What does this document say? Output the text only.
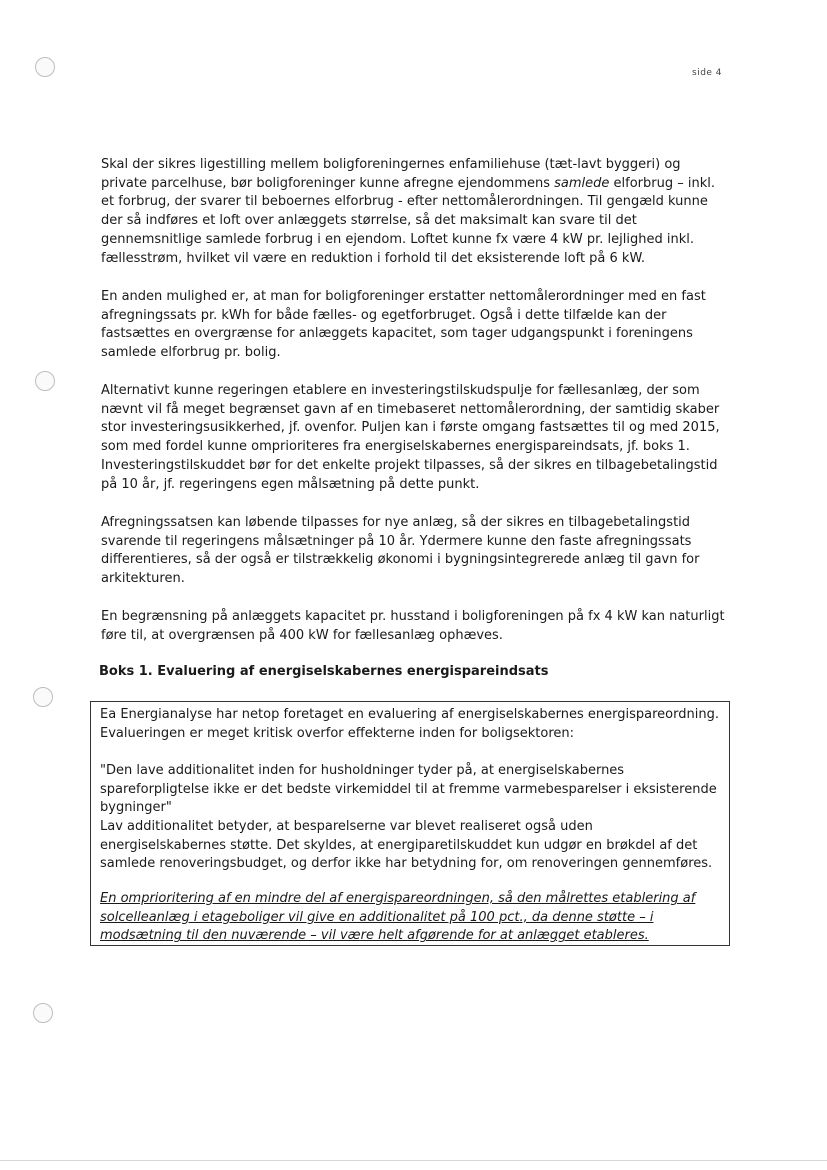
side 4

Skal der sikres ligestilling mellem boligforeningernes enfamiliehuse (tæt-lavt byggeri) og private parcelhuse, bør boligforeninger kunne afregne ejendommens samlede elforbrug – inkl. et forbrug, der svarer til beboernes elforbrug - efter nettomålerordningen. Til gengæld kunne der så indføres et loft over anlæggets størrelse, så det maksimalt kan svare til det gennemsnitlige samlede forbrug i en ejendom. Loftet kunne fx være 4 kW pr. lejlighed inkl. fællesstrøm, hvilket vil være en reduktion i forhold til det eksisterende loft på 6 kW.

En anden mulighed er, at man for boligforeninger erstatter nettomålerordninger med en fast afregningssats pr. kWh for både fælles- og egetforbruget. Også i dette tilfælde kan der fastsættes en overgrænse for anlæggets kapacitet, som tager udgangspunkt i foreningens samlede elforbrug pr. bolig.

Alternativt kunne regeringen etablere en investeringstilskudspulje for fællesanlæg, der som nævnt vil få meget begrænset gavn af en timebaseret nettomålerordning, der samtidig skaber stor investeringsusikkerhed, jf. ovenfor. Puljen kan i første omgang fastsættes til og med 2015, som med fordel kunne omprioriteres fra energiselskabernes energispareindsats, jf. boks 1. Investeringstilskuddet bør for det enkelte projekt tilpasses, så der sikres en tilbagebetalingstid på 10 år, jf. regeringens egen målsætning på dette punkt.

Afregningssatsen kan løbende tilpasses for nye anlæg, så der sikres en tilbagebetalingstid svarende til regeringens målsætninger på 10 år. Ydermere kunne den faste afregningssats differentieres, så der også er tilstrækkelig økonomi i bygningsintegrerede anlæg til gavn for arkitekturen.

En begrænsning på anlæggets kapacitet pr. husstand i boligforeningen på fx 4 kW kan naturligt føre til, at overgrænsen på 400 kW for fællesanlæg ophæves.

Boks 1. Evaluering af energiselskabernes energispareindsats

Ea Energianalyse har netop foretaget en evaluering af energiselskabernes energispareordning. Evalueringen er meget kritisk overfor effekterne inden for boligsektoren:

"Den lave additionalitet inden for husholdninger tyder på, at energiselskabernes spareforpligtelse ikke er det bedste virkemiddel til at fremme varmebesparelser i eksisterende bygninger"

Lav additionalitet betyder, at besparelserne var blevet realiseret også uden energiselskabernes støtte. Det skyldes, at energiparetilskuddet kun udgør en brøkdel af det samlede renoveringsbudget, og derfor ikke har betydning for, om renoveringen gennemføres.

En omprioritering af en mindre del af energispareordningen, så den målrettes etablering af solcelleanlæg i etageboliger vil give en additionalitet på 100 pct., da denne støtte – i modsætning til den nuværende – vil være helt afgørende for at anlægget etableres.
